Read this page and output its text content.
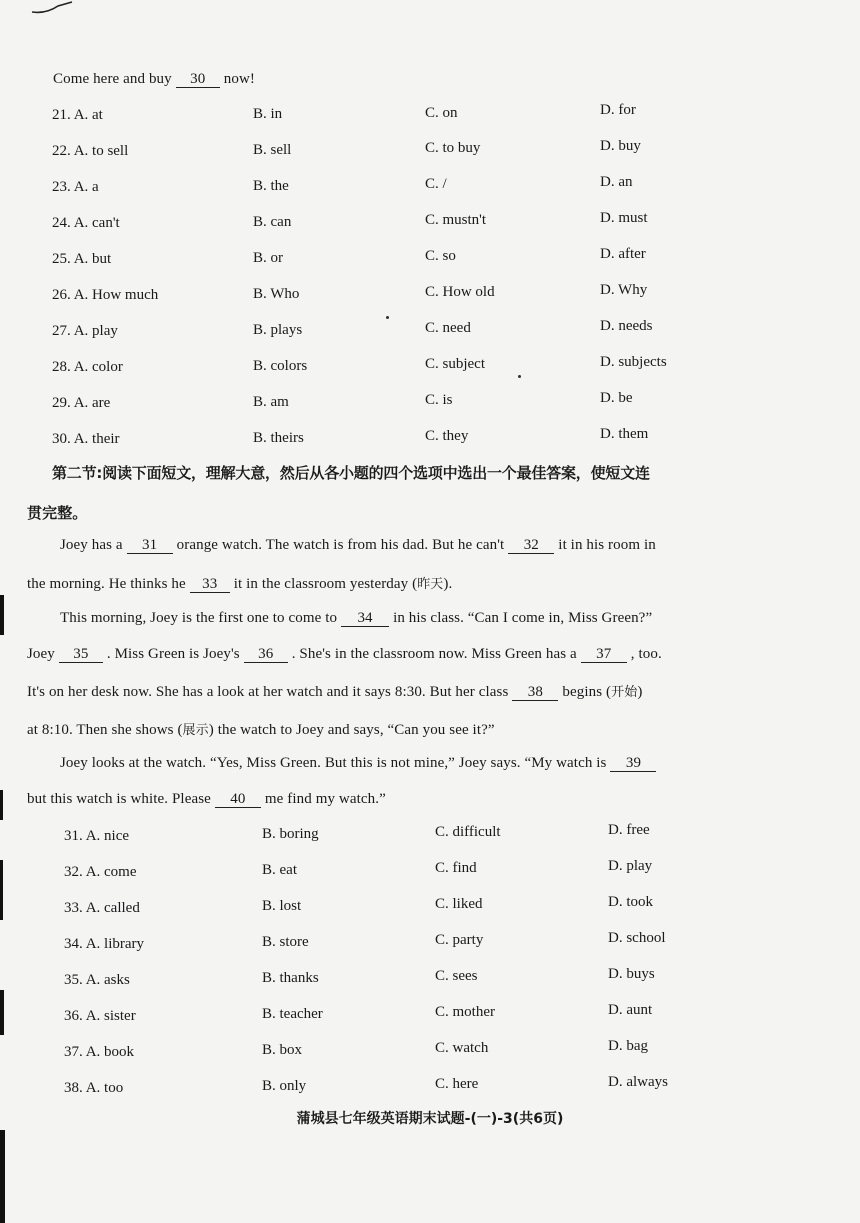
Come here and buy 30 now!
21. A. at	B. in	C. on	D. for
22. A. to sell	B. sell	C. to buy	D. buy
23. A. a	B. the	C. /	D. an
24. A. can't	B. can	C. mustn't	D. must
25. A. but	B. or	C. so	D. after
26. A. How much	B. Who	C. How old	D. Why
27. A. play	B. plays	C. need	D. needs
28. A. color	B. colors	C. subject	D. subjects
29. A. are	B. am	C. is	D. be
30. A. their	B. theirs	C. they	D. them
第二节:阅读下面短文，理解大意，然后从各小题的四个选项中选出一个最佳答案，使短文连
贯完整。
Joey has a 31 orange watch. The watch is from his dad. But he can't 32 it in his room in
the morning. He thinks he 33 it in the classroom yesterday (昨天).
This morning, Joey is the first one to come to 34 in his class. “Can I come in, Miss Green?”
Joey 35 . Miss Green is Joey's 36 . She's in the classroom now. Miss Green has a 37 , too.
It's on her desk now. She has a look at her watch and it says 8:30. But her class 38 begins (开始)
at 8:10. Then she shows (展示) the watch to Joey and says, “Can you see it?”
Joey looks at the watch. “Yes, Miss Green. But this is not mine,” Joey says. “My watch is 39
but this watch is white. Please 40 me find my watch.”
31. A. nice	B. boring	C. difficult	D. free
32. A. come	B. eat	C. find	D. play
33. A. called	B. lost	C. liked	D. took
34. A. library	B. store	C. party	D. school
35. A. asks	B. thanks	C. sees	D. buys
36. A. sister	B. teacher	C. mother	D. aunt
37. A. book	B. box	C. watch	D. bag
38. A. too	B. only	C. here	D. always
蒲城县七年级英语期末试题-(一)-3(共6页)
